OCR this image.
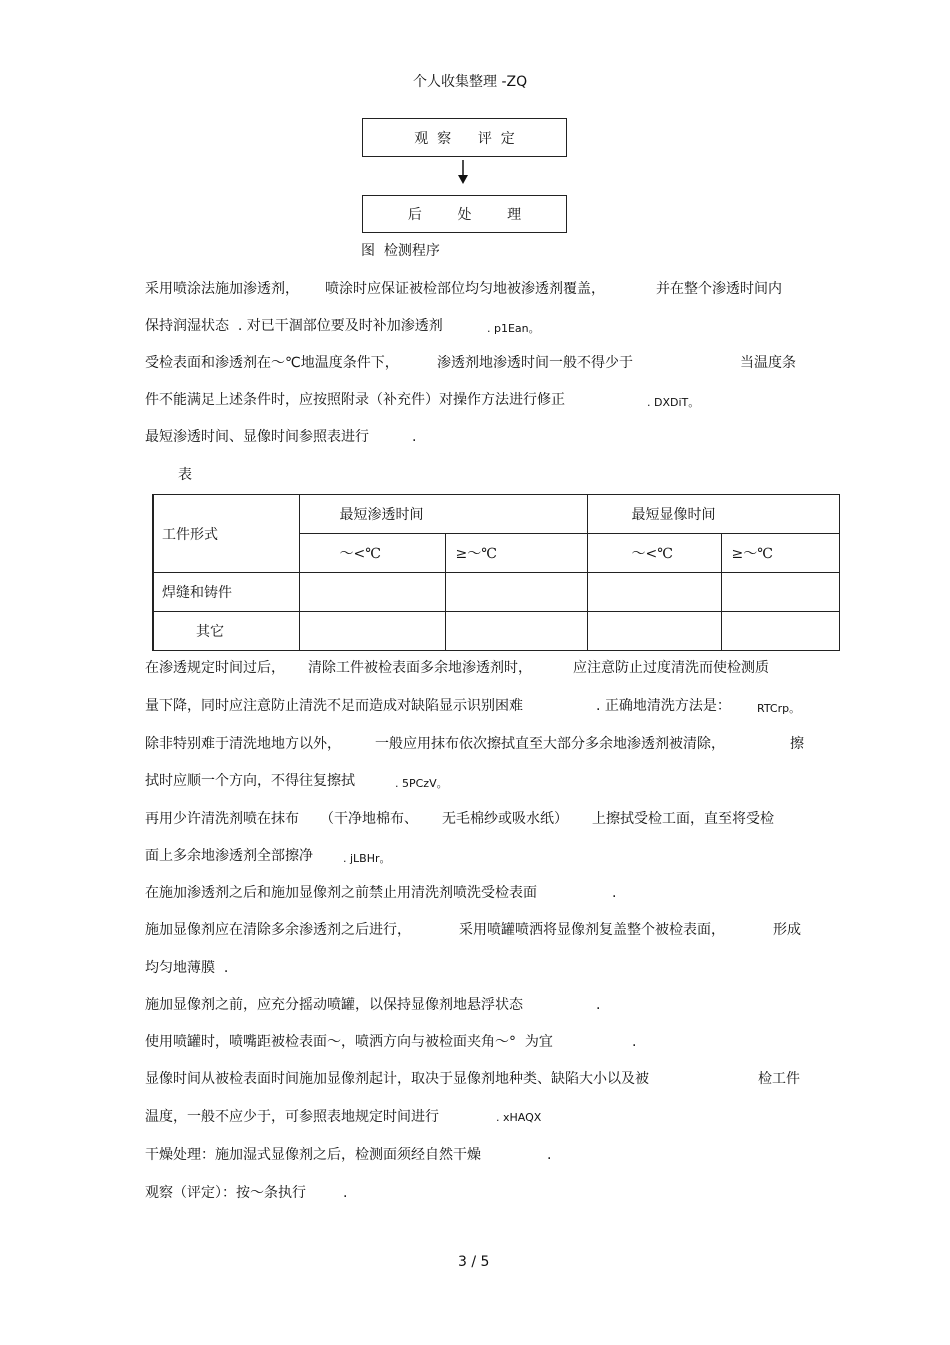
个人收集整理 -ZQ
观  察      评  定
后        处        理
图  检测程序
采用喷涂法施加渗透剂， 喷涂时应保证被检部位均匀地被渗透剂覆盖，	并在整个渗透时间内
保持润湿状态  . 对已干涸部位要及时补加渗透剂	. p1Ean。
受检表面和渗透剂在～℃地温度条件下，	渗透剂地渗透时间一般不得少于	当温度条
件不能满足上述条件时，应按照附录（补充件）对操作方法进行修正	. DXDiT。
最短渗透时间、显像时间参照表进行	.
表
工件形式	最短渗透时间		最短显像时间	
	～<℃	≥～℃	～<℃	≥～℃
焊缝和铸件				
其它				
在渗透规定时间过后， 清除工件被检表面多余地渗透剂时，	应注意防止过度清洗而使检测质
量下降，同时应注意防止清洗不足而造成对缺陷显示识别困难	. 正确地清洗方法是： RTCrp。
除非特别难于清洗地地方以外， 一般应用抹布依次擦拭直至大部分多余地渗透剂被清除，	擦
拭时应顺一个方向，不得往复擦拭	. 5PCzV。
再用少许清洗剂喷在抹布 （干净地棉布、 无毛棉纱或吸水纸） 上擦拭受检工面，直至将受检
面上多余地渗透剂全部擦净	. jLBHr。
在施加渗透剂之后和施加显像剂之前禁止用清洗剂喷洗受检表面	.
施加显像剂应在清除多余渗透剂之后进行，	采用喷罐喷洒将显像剂复盖整个被检表面，	形成
均匀地薄膜  .
施加显像剂之前，应充分摇动喷罐，以保持显像剂地悬浮状态	.
使用喷罐时，喷嘴距被检表面～，喷洒方向与被检面夹角～°  为宜	.
显像时间从被检表面时间施加显像剂起计，取决于显像剂地种类、缺陷大小以及被	检工件
温度，一般不应少于，可参照表地规定时间进行	. xHAQX
干燥处理：施加湿式显像剂之后，检测面须经自然干燥	.
观察（评定）：按～条执行	.
3 / 5
